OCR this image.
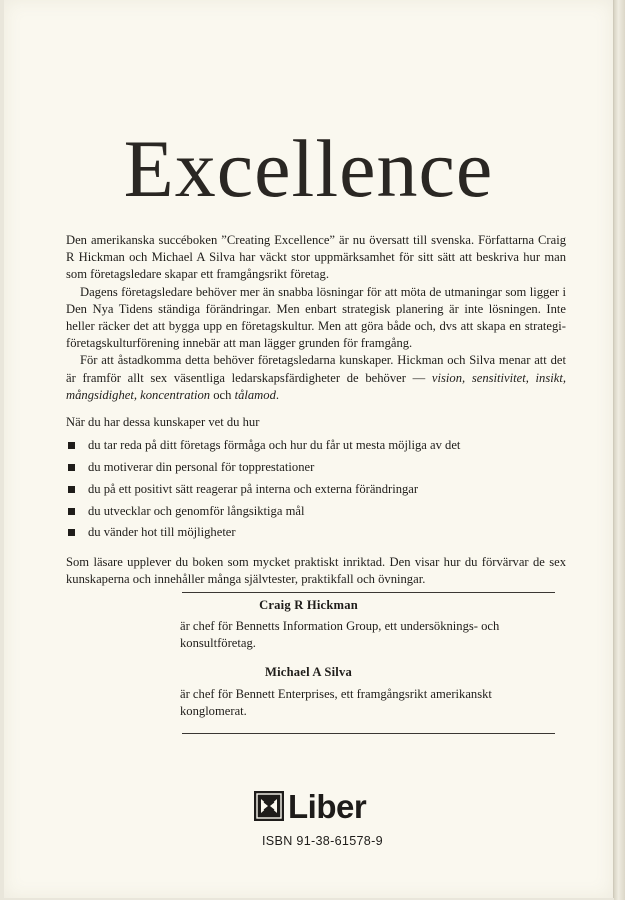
Excellence

Den amerikanska succéboken ”Creating Excellence” är nu översatt till svenska. Författarna Craig R Hickman och Michael A Silva har väckt stor uppmärksamhet för sitt sätt att beskriva hur man som företagsledare skapar ett framgångsrikt företag.

Dagens företagsledare behöver mer än snabba lösningar för att möta de utmaningar som ligger i Den Nya Tidens ständiga förändringar. Men enbart strategisk planering är inte lösningen. Inte heller räcker det att bygga upp en företagskultur. Men att göra både och, dvs att skapa en strategi-företagskulturförening innebär att man lägger grunden för framgång.

För att åstadkomma detta behöver företagsledarna kunskaper. Hickman och Silva menar att det är framför allt sex väsentliga ledarskapsfärdigheter de behöver — vision, sensitivitet, insikt, mångsidighet, koncentration och tålamod.

När du har dessa kunskaper vet du hur

du tar reda på ditt företags förmåga och hur du får ut mesta möjliga av det
du motiverar din personal för topprestationer
du på ett positivt sätt reagerar på interna och externa förändringar
du utvecklar och genomför långsiktiga mål
du vänder hot till möjligheter

Som läsare upplever du boken som mycket praktiskt inriktad. Den visar hur du förvärvar de sex kunskaperna och innehåller många självtester, praktikfall och övningar.

Craig R Hickman
är chef för Bennetts Information Group, ett undersöknings- och konsultföretag.
Michael A Silva
är chef för Bennett Enterprises, ett framgångsrikt amerikanskt konglomerat.
Liber
ISBN 91-38-61578-9
